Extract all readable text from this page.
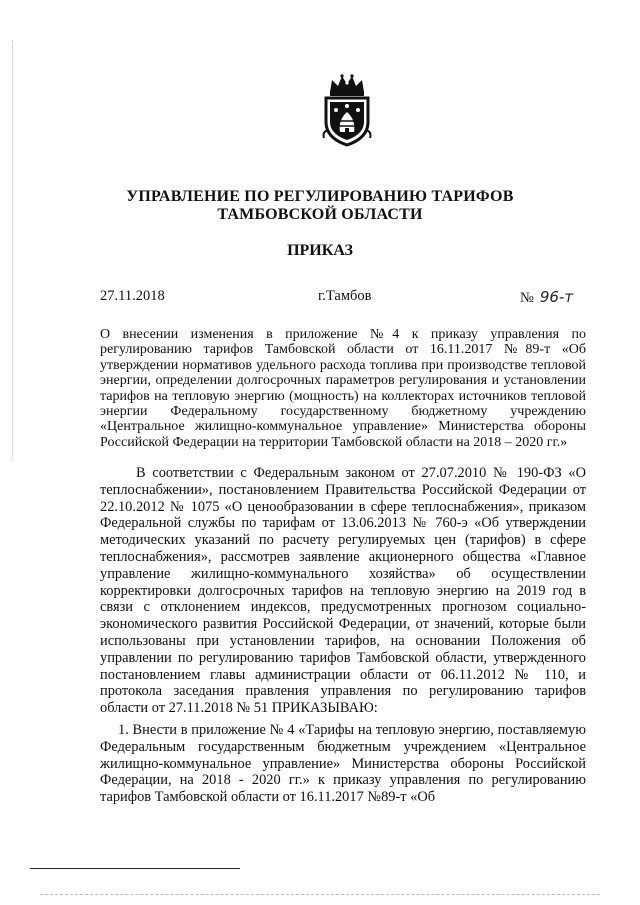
УПРАВЛЕНИЕ ПО РЕГУЛИРОВАНИЮ ТАРИФОВ
ТАМБОВСКОЙ ОБЛАСТИ
ПРИКАЗ
27.11.2018	г.Тамбов	№ 96-т
О внесении изменения в приложение №4 к приказу управления по регулированию тарифов Тамбовской области от 16.11.2017 №89-т «Об утверждении нормативов удельного расхода топлива при производстве тепловой энергии, определении долгосрочных параметров регулирования и установлении тарифов на тепловую энергию (мощность) на коллекторах источников тепловой энергии Федеральному государственному бюджетному учреждению «Центральное жилищно-коммунальное управление» Министерства обороны Российской Федерации на территории Тамбовской области на 2018 – 2020 гг.»
В соответствии с Федеральным законом от 27.07.2010 № 190-ФЗ «О теплоснабжении», постановлением Правительства Российской Федерации от 22.10.2012 № 1075 «О ценообразовании в сфере теплоснабжения», приказом Федеральной службы по тарифам от 13.06.2013 № 760-э «Об утверждении методических указаний по расчету регулируемых цен (тарифов) в сфере теплоснабжения», рассмотрев заявление акционерного общества «Главное управление жилищно-коммунального хозяйства» об осуществлении корректировки долгосрочных тарифов на тепловую энергию на 2019 год в связи с отклонением индексов, предусмотренных прогнозом социально-экономического развития Российской Федерации, от значений, которые были использованы при установлении тарифов, на основании Положения об управлении по регулированию тарифов Тамбовской области, утвержденного постановлением главы администрации области от 06.11.2012 № 110, и протокола заседания правления управления по регулированию тарифов области от 27.11.2018 № 51 ПРИКАЗЫВАЮ:
1. Внести в приложение № 4 «Тарифы на тепловую энергию, поставляемую Федеральным государственным бюджетным учреждением «Центральное жилищно-коммунальное управление» Министерства обороны Российской Федерации, на 2018 - 2020 гг.» к приказу управления по регулированию тарифов Тамбовской области от 16.11.2017 №89-т «Об
